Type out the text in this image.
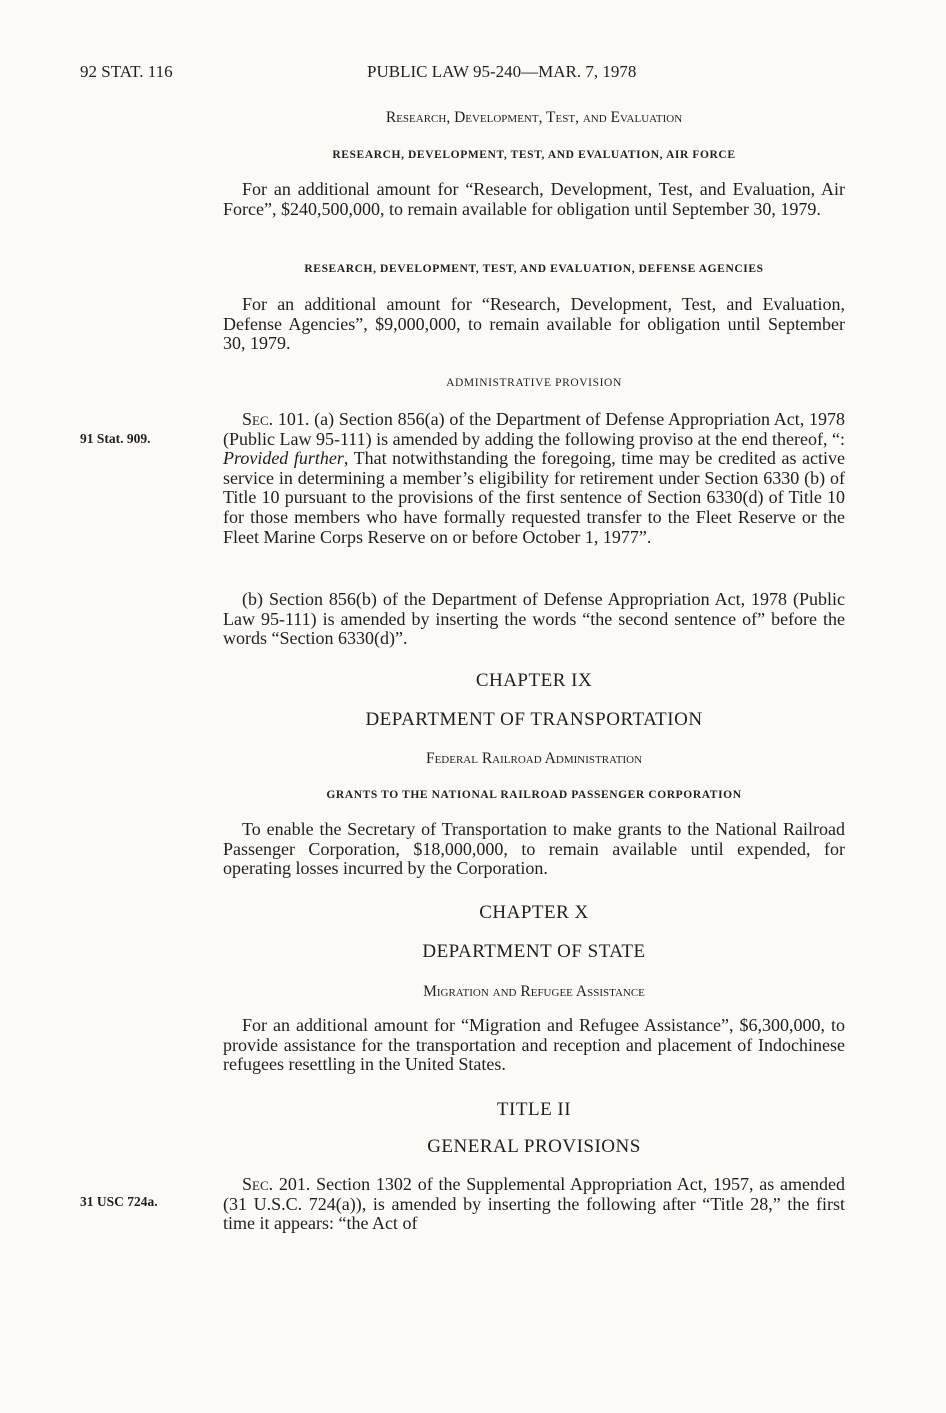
92 STAT. 116	PUBLIC LAW 95-240—MAR. 7, 1978
Research, Development, Test, and Evaluation
RESEARCH, DEVELOPMENT, TEST, AND EVALUATION, AIR FORCE

For an additional amount for “Research, Development, Test, and Evaluation, Air Force”, $240,500,000, to remain available for obligation until September 30, 1979.

RESEARCH, DEVELOPMENT, TEST, AND EVALUATION, DEFENSE AGENCIES

For an additional amount for “Research, Development, Test, and Evaluation, Defense Agencies”, $9,000,000, to remain available for obligation until September 30, 1979.

ADMINISTRATIVE PROVISION
91 Stat. 909.

Sec. 101. (a) Section 856(a) of the Department of Defense Appropriation Act, 1978 (Public Law 95-111) is amended by adding the following proviso at the end thereof, “: Provided further, That notwithstanding the foregoing, time may be credited as active service in determining a member’s eligibility for retirement under Section 6330 (b) of Title 10 pursuant to the provisions of the first sentence of Section 6330(d) of Title 10 for those members who have formally requested transfer to the Fleet Reserve or the Fleet Marine Corps Reserve on or before October 1, 1977”.

(b) Section 856(b) of the Department of Defense Appropriation Act, 1978 (Public Law 95-111) is amended by inserting the words “the second sentence of” before the words “Section 6330(d)”.

CHAPTER IX
DEPARTMENT OF TRANSPORTATION
Federal Railroad Administration
GRANTS TO THE NATIONAL RAILROAD PASSENGER CORPORATION

To enable the Secretary of Transportation to make grants to the National Railroad Passenger Corporation, $18,000,000, to remain available until expended, for operating losses incurred by the Corporation.

CHAPTER X
DEPARTMENT OF STATE
Migration and Refugee Assistance

For an additional amount for “Migration and Refugee Assistance”, $6,300,000, to provide assistance for the transportation and reception and placement of Indochinese refugees resettling in the United States.

TITLE II
GENERAL PROVISIONS
31 USC 724a.

Sec. 201. Section 1302 of the Supplemental Appropriation Act, 1957, as amended (31 U.S.C. 724(a)), is amended by inserting the following after “Title 28,” the first time it appears: “the Act of
